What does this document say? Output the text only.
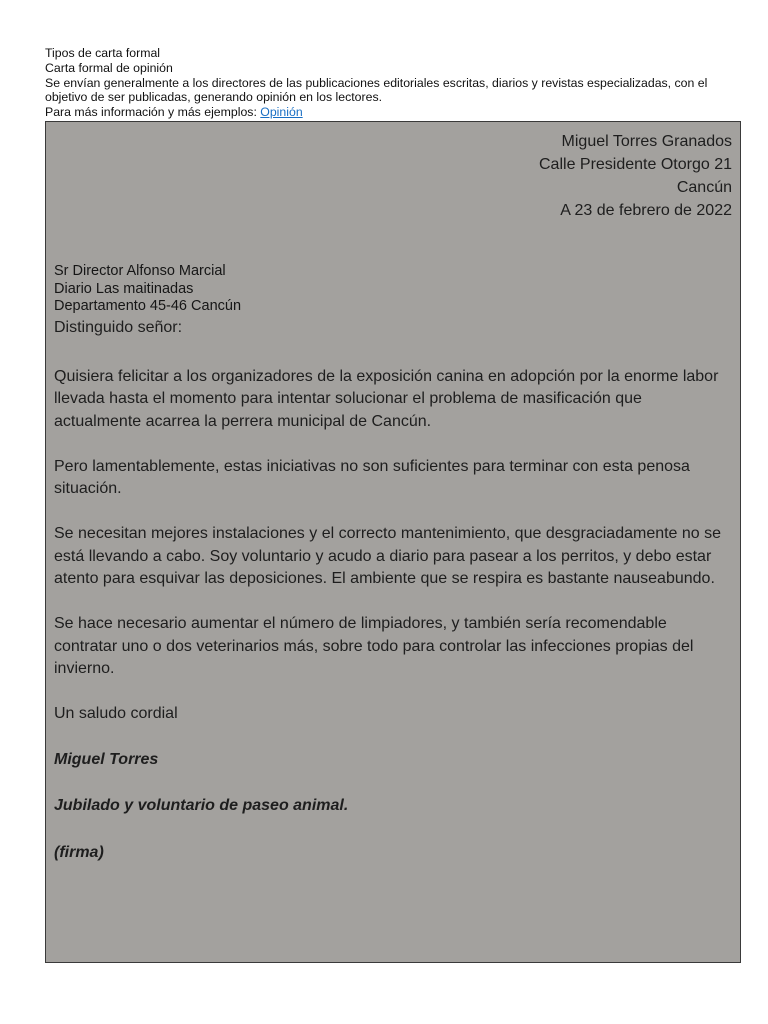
Tipos de carta formal
Carta formal de opinión
Se envían generalmente a los directores de las publicaciones editoriales escritas, diarios y revistas especializadas, con el
objetivo de ser publicadas, generando opinión en los lectores.
Para más información y más ejemplos: Opinión
Miguel Torres Granados
Calle Presidente Otorgo 21
Cancún
A 23 de febrero de 2022
Sr Director Alfonso Marcial
Diario Las maitinadas
Departamento 45-46 Cancún
Distinguido señor:
Quisiera felicitar a los organizadores de la exposición canina en adopción por la enorme labor
llevada hasta el momento para intentar solucionar el problema de masificación que
actualmente acarrea la perrera municipal de Cancún.
Pero lamentablemente, estas iniciativas no son suficientes para terminar con esta penosa
situación.
Se necesitan mejores instalaciones y el correcto mantenimiento, que desgraciadamente no se
está llevando a cabo. Soy voluntario y acudo a diario para pasear a los perritos, y debo estar
atento para esquivar las deposiciones. El ambiente que se respira es bastante nauseabundo.
Se hace necesario aumentar el número de limpiadores, y también sería recomendable
contratar uno o dos veterinarios más, sobre todo para controlar las infecciones propias del
invierno.
Un saludo cordial
Miguel Torres
Jubilado y voluntario de paseo animal.
(firma)
